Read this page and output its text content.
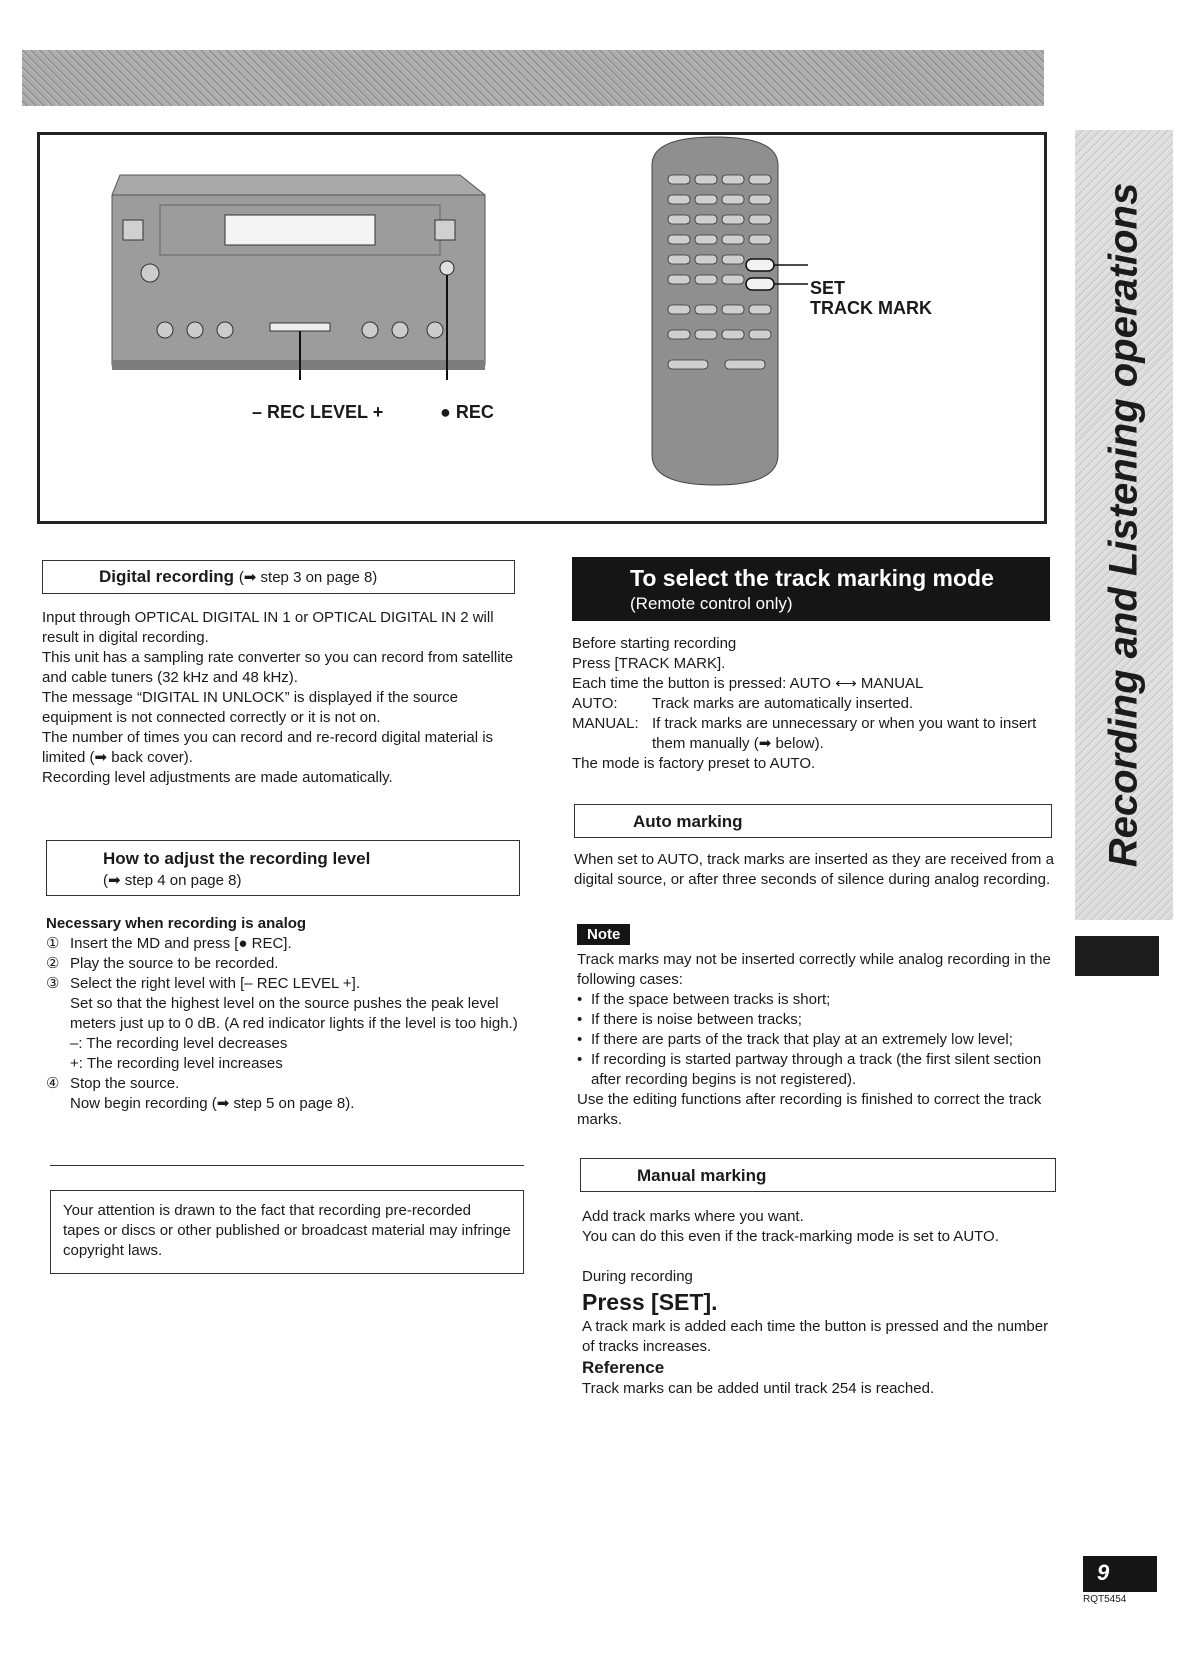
Recording and Listening operations
– REC LEVEL +	● REC
SET
TRACK MARK
Digital recording (➡ step 3 on page 8)

Input through OPTICAL DIGITAL IN 1 or OPTICAL DIGITAL IN 2 will result in digital recording.

This unit has a sampling rate converter so you can record from satellite and cable tuners (32 kHz and 48 kHz).

The message “DIGITAL IN UNLOCK” is displayed if the source equipment is not connected correctly or it is not on.

The number of times you can record and re-record digital material is limited (➡ back cover).

Recording level adjustments are made automatically.

How to adjust the recording level
(➡ step 4 on page 8)

Necessary when recording is analog

① Insert the MD and press [● REC].
② Play the source to be recorded.
③ Select the right level with [– REC LEVEL +].

Set so that the highest level on the source pushes the peak level meters just up to 0 dB. (A red indicator lights if the level is too high.)

–: The recording level decreases

+: The recording level increases

④ Stop the source.

Now begin recording (➡ step 5 on page 8).

Your attention is drawn to the fact that recording pre-recorded tapes or discs or other published or broadcast material may infringe copyright laws.
To select the track marking mode
(Remote control only)

Before starting recording

Press [TRACK MARK].

Each time the button is pressed: AUTO ⟷ MANUAL

AUTO:	Track marks are automatically inserted.
MANUAL: If track marks are unnecessary or when you want to insert them manually (➡ below).

The mode is factory preset to AUTO.

Auto marking

When set to AUTO, track marks are inserted as they are received from a digital source, or after three seconds of silence during analog recording.

Note

Track marks may not be inserted correctly while analog recording in the following cases:

• If the space between tracks is short;
• If there is noise between tracks;
• If there are parts of the track that play at an extremely low level;
• If recording is started partway through a track (the first silent section after recording begins is not registered).

Use the editing functions after recording is finished to correct the track marks.

Manual marking

Add track marks where you want.

You can do this even if the track-marking mode is set to AUTO.

During recording

Press [SET].

A track mark is added each time the button is pressed and the number of tracks increases.

Reference

Track marks can be added until track 254 is reached.

9
RQT5454
